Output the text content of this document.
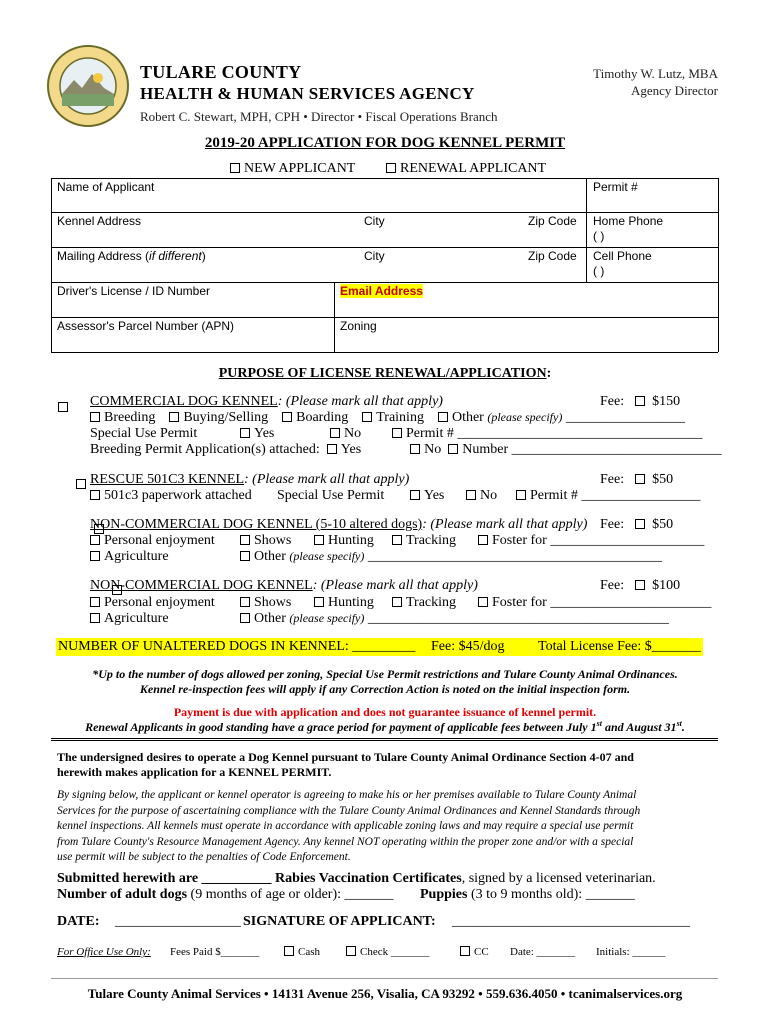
TULARE COUNTY
HEALTH & HUMAN SERVICES AGENCY
Robert C. Stewart, MPH, CPH • Director • Fiscal Operations Branch
Timothy W. Lutz, MBA
Agency Director
2019-20 APPLICATION FOR DOG KENNEL PERMIT
NEW APPLICANT	RENEWAL APPLICANT
Name of Applicant	Permit #
Kennel Address	City	Zip Code Home Phone
( )
Mailing Address (if different)	City	Zip Code Cell Phone
( )
Driver's License / ID Number	Email Address
Assessor's Parcel Number (APN)	Zoning
PURPOSE OF LICENSE RENEWAL/APPLICATION:

COMMERCIAL DOG KENNEL: (Please mark all that apply)	Fee: $150
Breeding Buying/Selling Boarding Training Other (please specify) _________________
Special Use Permit	Yes	No	Permit # ___________________________________
Breeding Permit Application(s) attached: Yes	No Number ______________________________

RESCUE 501C3 KENNEL: (Please mark all that apply)	Fee: $50
501c3 paperwork attached Special Use Permit	Yes	No	Permit # _________________

NON-COMMERCIAL DOG KENNEL (5-10 altered dogs): (Please mark all that apply) Fee: $50
Personal enjoyment	Shows	Hunting	Tracking	Foster for ______________________
Agriculture	Other (please specify) __________________________________________
NON-COMMERCIAL DOG KENNEL: (Please mark all that apply)	Fee: $100
Personal enjoyment	Shows	Hunting	Tracking	Foster for _______________________
Agriculture	Other (please specify) ___________________________________________
NUMBER OF UNALTERED DOGS IN KENNEL: _________ Fee: $45/dog Total License Fee: $_______
*Up to the number of dogs allowed per zoning, Special Use Permit restrictions and Tulare County Animal Ordinances.
Kennel re-inspection fees will apply if any Correction Action is noted on the initial inspection form.
Payment is due with application and does not guarantee issuance of kennel permit.
Renewal Applicants in good standing have a grace period for payment of applicable fees between July 1st and August 31st.
The undersigned desires to operate a Dog Kennel pursuant to Tulare County Animal Ordinance Section 4-07 and
herewith makes application for a KENNEL PERMIT.
By signing below, the applicant or kennel operator is agreeing to make his or her premises available to Tulare County Animal
Services for the purpose of ascertaining compliance with the Tulare County Animal Ordinances and Kennel Standards through
kennel inspections. All kennels must operate in accordance with applicable zoning laws and may require a special use permit
from Tulare County's Resource Management Agency. Any kennel NOT operating within the proper zone and/or with a special
use permit will be subject to the penalties of Code Enforcement.
Submitted herewith are __________ Rabies Vaccination Certificates, signed by a licensed veterinarian.
Number of adult dogs (9 months of age or older): _______ Puppies (3 to 9 months old): _______
DATE: __________________ SIGNATURE OF APPLICANT: __________________________________
For Office Use Only: Fees Paid $_______	Cash	Check _______	CC Date: _______ Initials: ______
Tulare County Animal Services • 14131 Avenue 256, Visalia, CA 93292 • 559.636.4050 • tcanimalservices.org
